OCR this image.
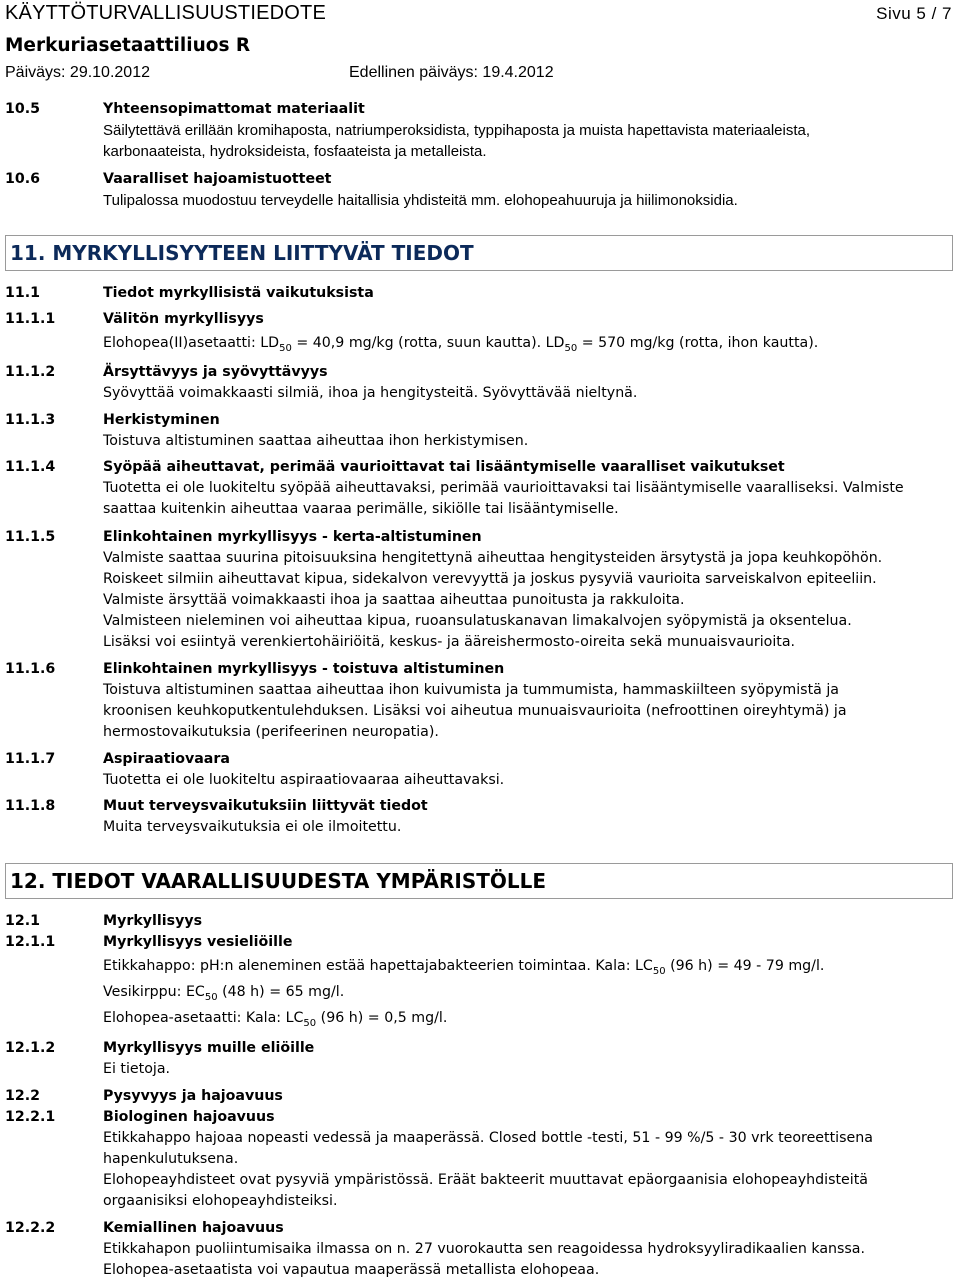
KÄYTTÖTURVALLISUUSTIEDOTE	Sivu 5 / 7
Merkuriasetaattiliuos R
Päiväys: 29.10.2012	Edellinen päiväys: 19.4.2012
10.5	Yhteensopimattomat materiaalit

Säilytettävä erillään kromihaposta, natriumperoksidista, typpihaposta ja muista hapettavista materiaaleista,

karbonaateista, hydroksideista, fosfaateista ja metalleista.

10.6	Vaaralliset hajoamistuotteet

Tulipalossa muodostuu terveydelle haitallisia yhdisteitä mm. elohopeahuuruja ja hiilimonoksidia.

11. MYRKYLLISYYTEEN LIITTYVÄT TIEDOT
11.1	Tiedot myrkyllisistä vaikutuksista
11.1.1	Välitön myrkyllisyys
Elohopea(II)asetaatti: $LD_{50} = 40,9$ mg/kg (rotta, suun kautta). $LD_{50} = 570$ mg/kg (rotta, ihon kautta).
11.1.2	Ärsyttävyys ja syövyttävyys

Syövyttää voimakkaasti silmiä, ihoa ja hengitysteitä. Syövyttävää nieltynä.

11.1.3	Herkistyminen

Toistuva altistuminen saattaa aiheuttaa ihon herkistymisen.

11.1.4	Syöpää aiheuttavat, perimää vaurioittavat tai lisääntymiselle vaaralliset vaikutukset

Tuotetta ei ole luokiteltu syöpää aiheuttavaksi, perimää vaurioittavaksi tai lisääntymiselle vaaralliseksi. Valmiste

saattaa kuitenkin aiheuttaa vaaraa perimälle, sikiölle tai lisääntymiselle.

11.1.5	Elinkohtainen myrkyllisyys - kerta-altistuminen

Valmiste saattaa suurina pitoisuuksina hengitettynä aiheuttaa hengitysteiden ärsytystä ja jopa keuhkopöhön.

Roiskeet silmiin aiheuttavat kipua, sidekalvon verevyyttä ja joskus pysyviä vaurioita sarveiskalvon epiteeliin.

Valmiste ärsyttää voimakkaasti ihoa ja saattaa aiheuttaa punoitusta ja rakkuloita.

Valmisteen nieleminen voi aiheuttaa kipua, ruoansulatuskanavan limakalvojen syöpymistä ja oksentelua.

Lisäksi voi esiintyä verenkiertohäiriöitä, keskus- ja ääreishermosto-oireita sekä munuaisvaurioita.

11.1.6	Elinkohtainen myrkyllisyys - toistuva altistuminen

Toistuva altistuminen saattaa aiheuttaa ihon kuivumista ja tummumista, hammaskiilteen syöpymistä ja

kroonisen keuhkoputkentulehduksen. Lisäksi voi aiheutua munuaisvaurioita (nefroottinen oireyhtymä) ja

hermostovaikutuksia (perifeerinen neuropatia).

11.1.7	Aspiraatiovaara

Tuotetta ei ole luokiteltu aspiraatiovaaraa aiheuttavaksi.

11.1.8	Muut terveysvaikutuksiin liittyvät tiedot

Muita terveysvaikutuksia ei ole ilmoitettu.

12. TIEDOT VAARALLISUUDESTA YMPÄRISTÖLLE
12.1	Myrkyllisyys
12.1.1	Myrkyllisyys vesieliöille

Etikkahappo: pH:n aleneminen estää hapettajabakteerien toimintaa. Kala: $LC_{50}$ (96 h) = 49 - 79 mg/l.

Vesikirppu: $EC_{50}$ (48 h) = 65 mg/l.

Elohopea-asetaatti: Kala: $LC_{50}$ (96 h) = 0,5 mg/l.

12.1.2	Myrkyllisyys muille eliöille

Ei tietoja.

12.2	Pysyvyys ja hajoavuus
12.2.1	Biologinen hajoavuus

Etikkahappo hajoaa nopeasti vedessä ja maaperässä. Closed bottle -testi, 51 - 99 %/5 - 30 vrk teoreettisena

hapenkulutuksena.

Elohopeayhdisteet ovat pysyviä ympäristössä. Eräät bakteerit muuttavat epäorgaanisia elohopeayhdisteitä

orgaanisiksi elohopeayhdisteiksi.

12.2.2	Kemiallinen hajoavuus

Etikkahapon puoliintumisaika ilmassa on n. 27 vuorokautta sen reagoidessa hydroksyyliradikaalien kanssa.

Elohopea-asetaatista voi vapautua maaperässä metallista elohopeaa.
